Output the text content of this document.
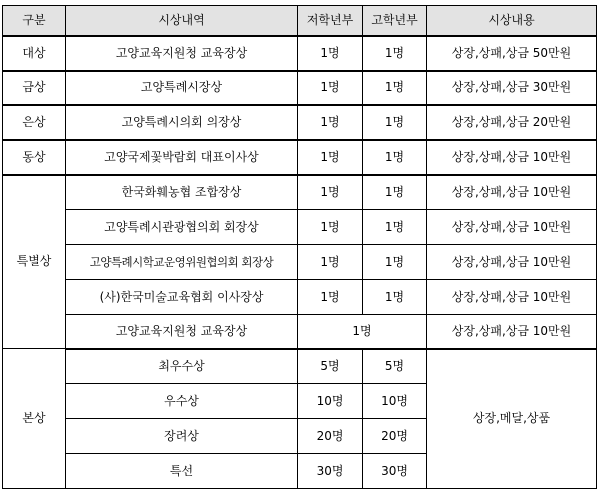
구분	시상내역	저학년부	고학년부	시상내용
대상	고양교육지원청 교육장상	1명	1명	상장,상패,상금 50만원
금상	고양특례시장상	1명	1명	상장,상패,상금 30만원
은상	고양특례시의회 의장상	1명	1명	상장,상패,상금 20만원
동상	고양국제꽃박람회 대표이사상	1명	1명	상장,상패,상금 10만원
특별상	한국화훼농협 조합장상	1명	1명	상장,상패,상금 10만원
	고양특례시관광협의회 회장상	1명	1명	상장,상패,상금 10만원
	고양특례시학교운영위원협의회 회장상	1명	1명	상장,상패,상금 10만원
	(사)한국미술교육협회 이사장상	1명	1명	상장,상패,상금 10만원
	고양교육지원청 교육장상	1명		상장,상패,상금 10만원
본상	최우수상	5명	5명	상장,메달,상품
	우수상	10명	10명	
	장려상	20명	20명	
	특선	30명	30명	
